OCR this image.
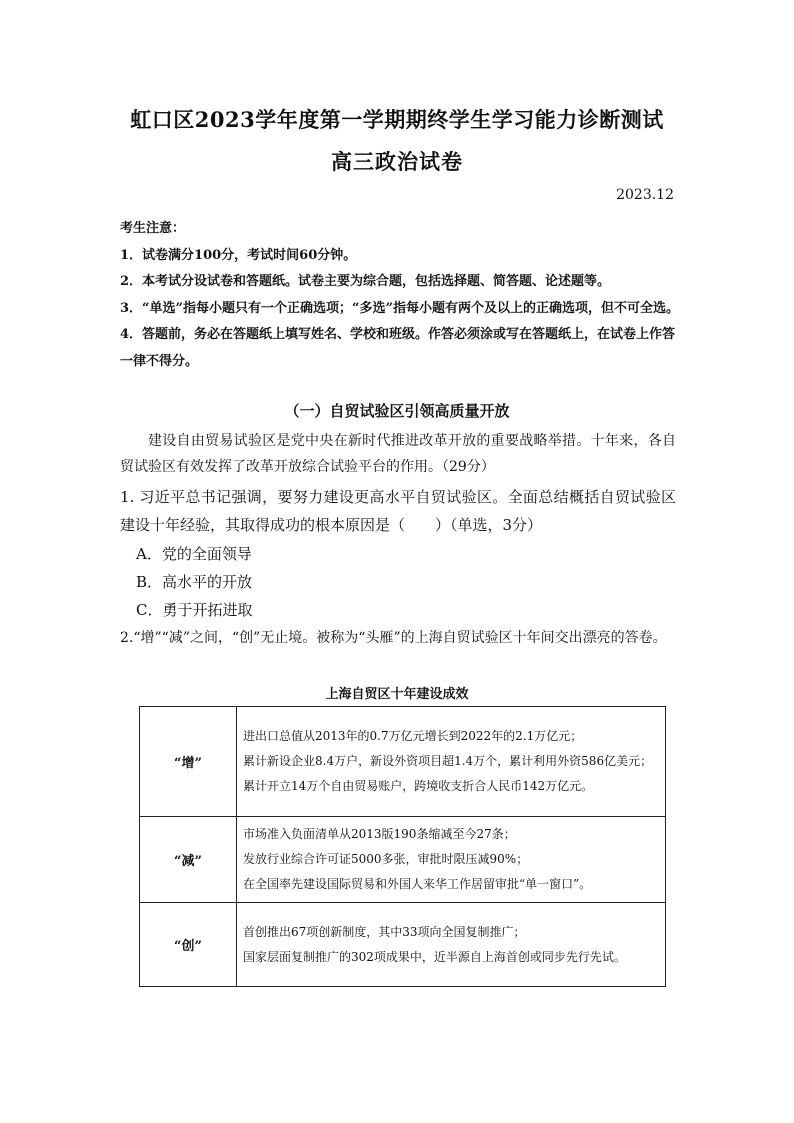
虹口区2023学年度第一学期期终学生学习能力诊断测试
高三政治试卷
2023.12
考生注意：
1．试卷满分100分，考试时间60分钟。
2．本考试分设试卷和答题纸。试卷主要为综合题，包括选择题、简答题、论述题等。
3．“单选”指每小题只有一个正确选项；“多选”指每小题有两个及以上的正确选项，但不可全选。
4．答题前，务必在答题纸上填写姓名、学校和班级。作答必须涂或写在答题纸上，在试卷上作答一律不得分。
（一）自贸试验区引领高质量开放
建设自由贸易试验区是党中央在新时代推进改革开放的重要战略举措。十年来，各自贸试验区有效发挥了改革开放综合试验平台的作用。（29分）
1. 习近平总书记强调，要努力建设更高水平自贸试验区。全面总结概括自贸试验区建设十年经验，其取得成功的根本原因是（　　）（单选，3分）
A．党的全面领导
B．高水平的开放
C．勇于开拓进取
2.“增”“减”之间，“创”无止境。被称为“头雁”的上海自贸试验区十年间交出漂亮的答卷。
上海自贸区十年建设成效
“增”	进出口总值从2013年的0.7万亿元增长到2022年的2.1万亿元；
累计新设企业8.4万户，新设外资项目超1.4万个，累计利用外资586亿美元；
累计开立14万个自由贸易账户，跨境收支折合人民币142万亿元。

“减”	市场准入负面清单从2013版190条缩减至今27条；
发放行业综合许可证5000多张，审批时限压减90%；
在全国率先建设国际贸易和外国人来华工作居留审批“单一窗口”。

“创”	首创推出67项创新制度，其中33项向全国复制推广；
国家层面复制推广的302项成果中，近半源自上海首创或同步先行先试。
